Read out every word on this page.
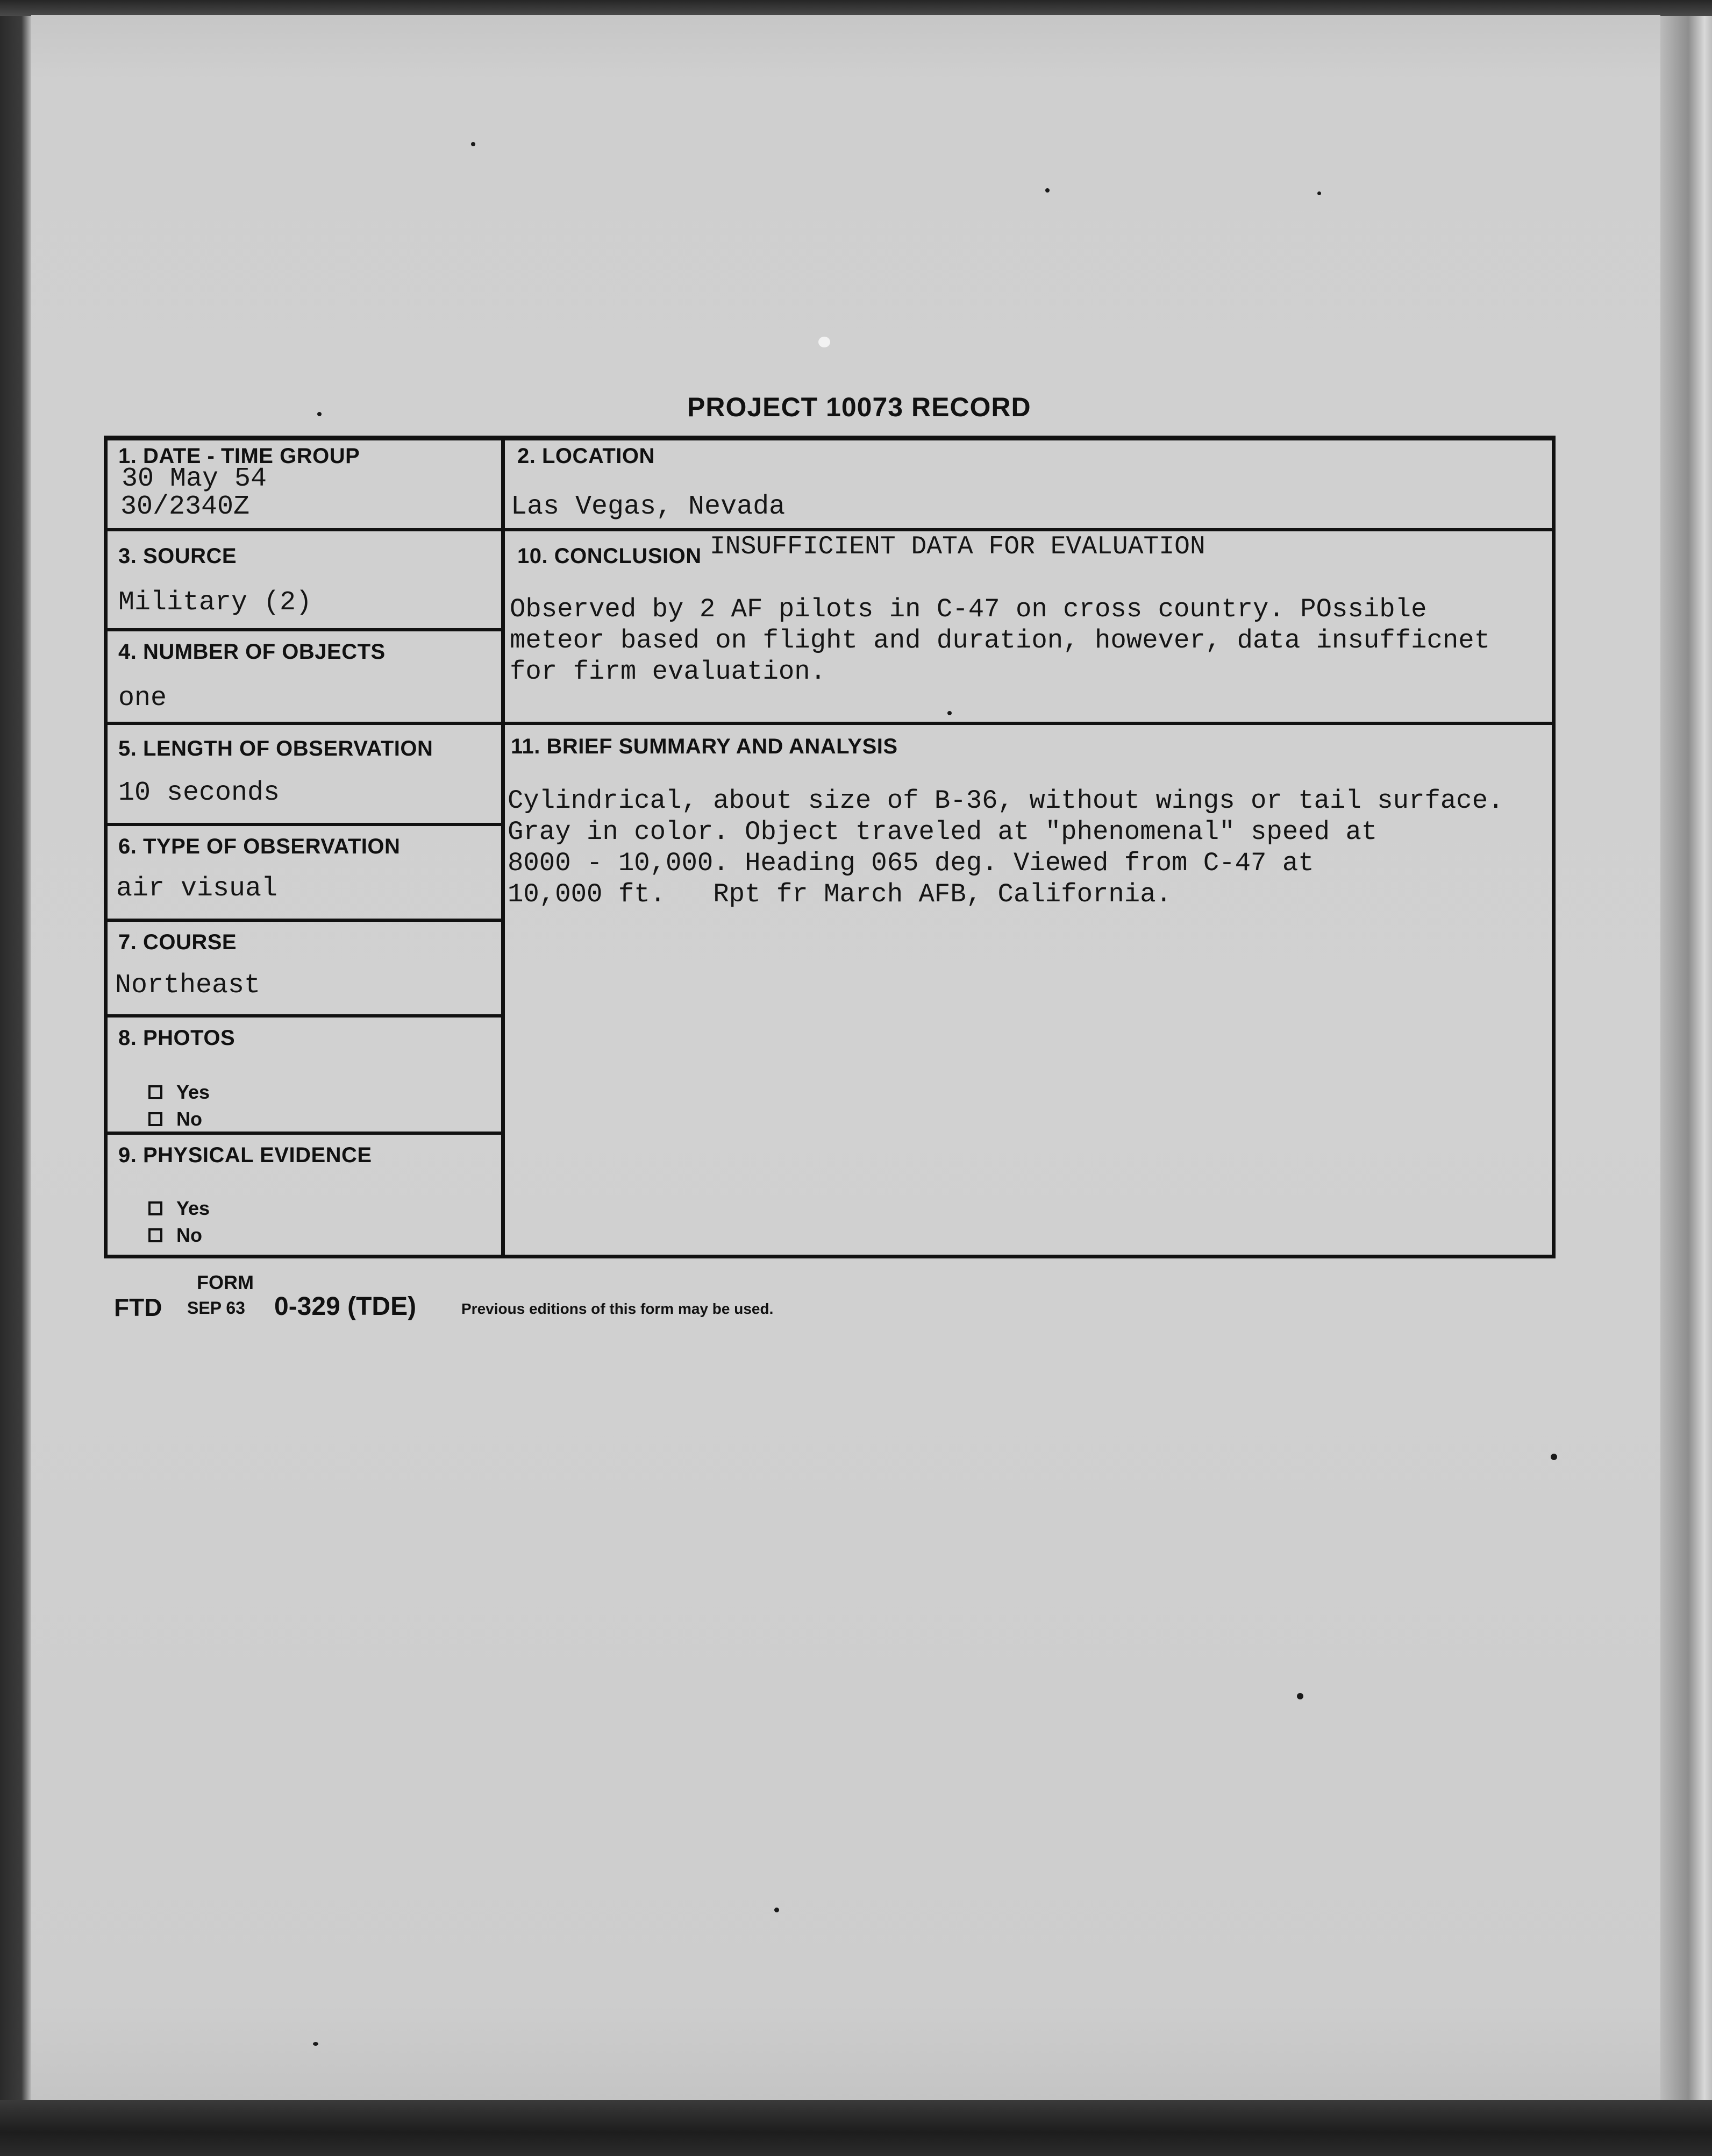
PROJECT 10073 RECORD
1. DATE - TIME GROUP
30 May 54
30/2340Z
2. LOCATION
Las Vegas, Nevada
3. SOURCE
Military (2)
4. NUMBER OF OBJECTS
one
5. LENGTH OF OBSERVATION
10 seconds
6. TYPE OF OBSERVATION
air visual
7. COURSE
Northeast
8. PHOTOS
Yes
No
9. PHYSICAL EVIDENCE
Yes
No
10. CONCLUSION INSUFFICIENT DATA FOR EVALUATION
Observed by 2 AF pilots in C-47 on cross country. POssible
meteor based on flight and duration, however, data insufficnet
for firm evaluation.
11. BRIEF SUMMARY AND ANALYSIS
Cylindrical, about size of B-36, without wings or tail surface.
Gray in color. Object traveled at "phenomenal" speed at
8000 - 10,000. Heading 065 deg. Viewed from C-47 at
10,000 ft.   Rpt fr March AFB, California.
FORM
FTD SEP 63 0-329 (TDE)	Previous editions of this form may be used.
